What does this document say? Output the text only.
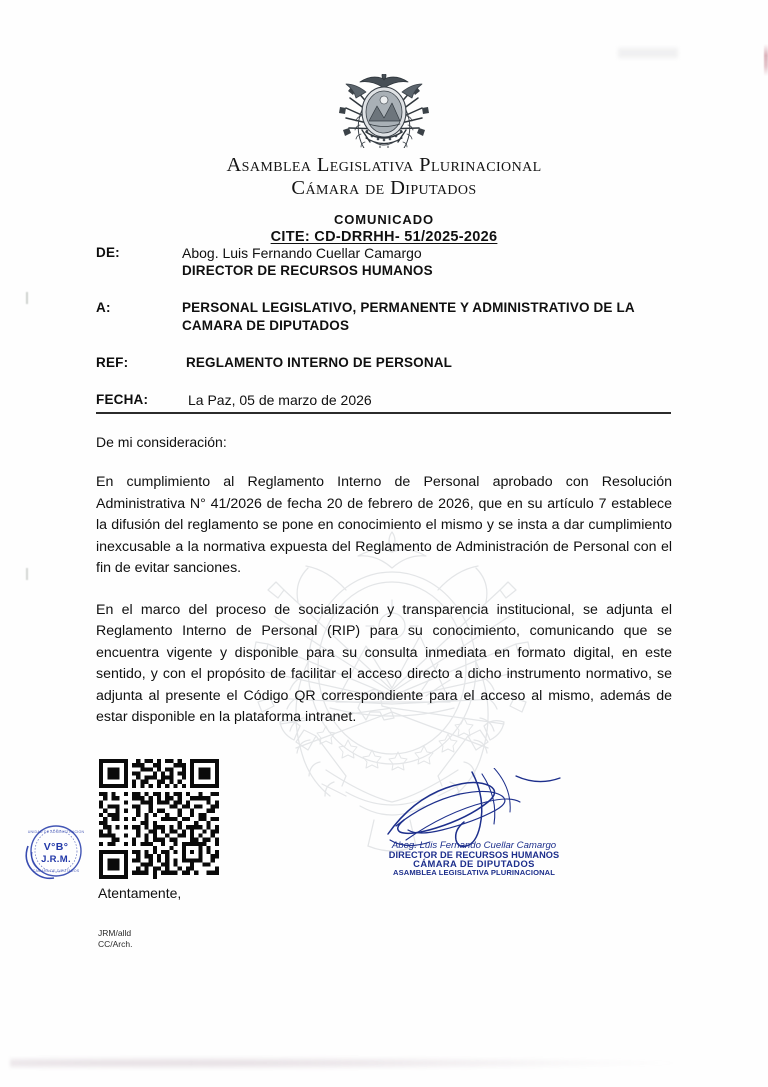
Asamblea Legislativa Plurinacional
Cámara de Diputados
COMUNICADO
CITE: CD-DRRHH- 51/2025-2026
DE:	Abog. Luis Fernando Cuellar Camargo
DIRECTOR DE RECURSOS HUMANOS
A:	PERSONAL LEGISLATIVO, PERMANENTE Y ADMINISTRATIVO DE LA
CAMARA DE DIPUTADOS
REF:	REGLAMENTO INTERNO DE PERSONAL
FECHA:	La Paz, 05 de marzo de 2026
De mi consideración:

En cumplimiento al Reglamento Interno de Personal aprobado con Resolución Administrativa N° 41/2026 de fecha 20 de febrero de 2026, que en su artículo 7 establece la difusión del reglamento se pone en conocimiento el mismo y se insta a dar cumplimiento inexcusable a la normativa expuesta del Reglamento de Administración de Personal con el fin de evitar sanciones.

En el marco del proceso de socialización y transparencia institucional, se adjunta el Reglamento Interno de Personal (RIP) para su conocimiento, comunicando que se encuentra vigente y disponible para su consulta inmediata en formato digital, en este sentido, y con el propósito de facilitar el acceso directo a dicho instrumento normativo, se adjunta al presente el Código QR correspondiente para el acceso al mismo, además de estar disponible en la plataforma intranet.

V°B°
J.R.M.
UNIDAD DE ADMINISTRACION
CAMARA DE DIPUTADOS
Abog. Luis Fernando Cuellar Camargo
DIRECTOR DE RECURSOS HUMANOS
CÁMARA DE DIPUTADOS
ASAMBLEA LEGISLATIVA PLURINACIONAL
Atentamente,
JRM/alld
CC/Arch.
